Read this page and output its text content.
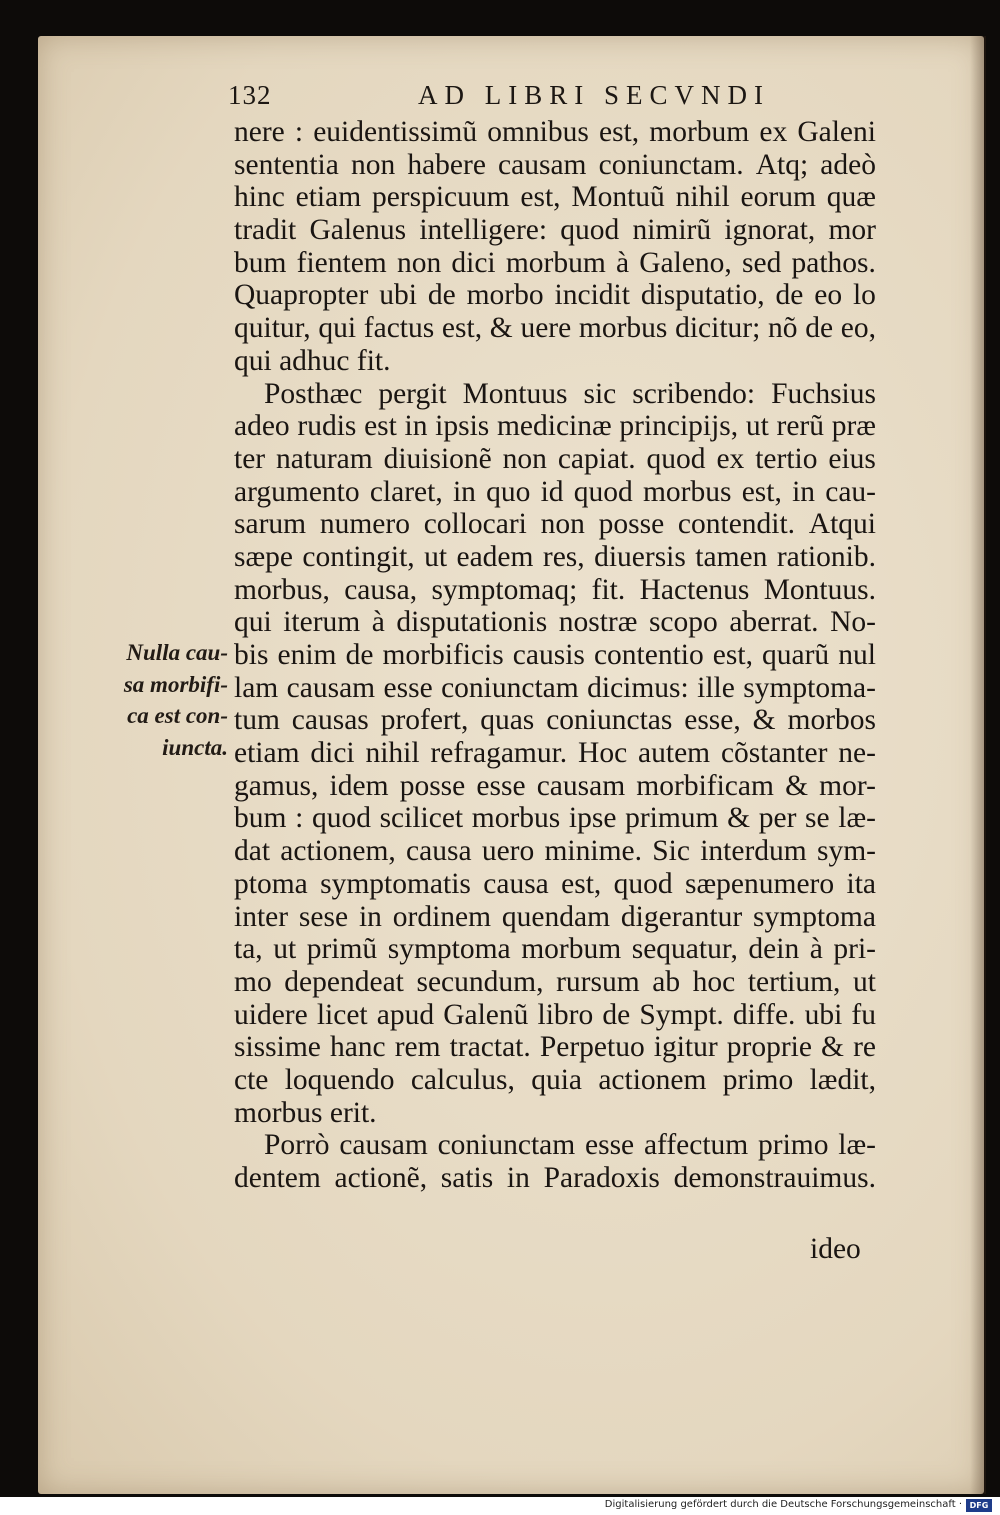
132	AD LIBRI SECVNDI
nere : euidentissimũ omnibus est, morbum ex Galeni
sententia non habere causam coniunctam. Atq; adeò
hinc etiam perspicuum est, Montuũ nihil eorum quæ
tradit Galenus intelligere: quod nimirũ ignorat, mor
bum fientem non dici morbum à Galeno, sed pathos.
Quapropter ubi de morbo incidit disputatio, de eo lo
quitur, qui factus est, & uere morbus dicitur; nõ de eo,
qui adhuc fit.
Posthæc pergit Montuus sic scribendo: Fuchsius
adeo rudis est in ipsis medicinæ principijs, ut rerũ præ
ter naturam diuisionẽ non capiat. quod ex tertio eius
argumento claret, in quo id quod morbus est, in cau-
sarum numero collocari non posse contendit. Atqui
sæpe contingit, ut eadem res, diuersis tamen rationib.
morbus, causa, symptomaq; fit. Hactenus Montuus.
qui iterum à disputationis nostræ scopo aberrat. No-
bis enim de morbificis causis contentio est, quarũ nul
lam causam esse coniunctam dicimus: ille symptoma-
tum causas profert, quas coniunctas esse, & morbos
etiam dici nihil refragamur. Hoc autem cõstanter ne-
gamus, idem posse esse causam morbificam & mor-
bum : quod scilicet morbus ipse primum & per se læ-
dat actionem, causa uero minime. Sic interdum sym-
ptoma symptomatis causa est, quod sæpenumero ita
inter sese in ordinem quendam digerantur symptoma
ta, ut primũ symptoma morbum sequatur, dein à pri-
mo dependeat secundum, rursum ab hoc tertium, ut
uidere licet apud Galenũ libro de Sympt. diffe. ubi fu
sissime hanc rem tractat. Perpetuo igitur proprie & re
cte loquendo calculus, quia actionem primo lædit,
morbus erit.
Porrò causam coniunctam esse affectum primo læ-
dentem actionẽ, satis in Paradoxis demonstrauimus.
Nulla cau-
sa morbifi-
ca est con-
iuncta.
ideo
Digitalisierung gefördert durch die Deutsche Forschungsgemeinschaft · DFG
